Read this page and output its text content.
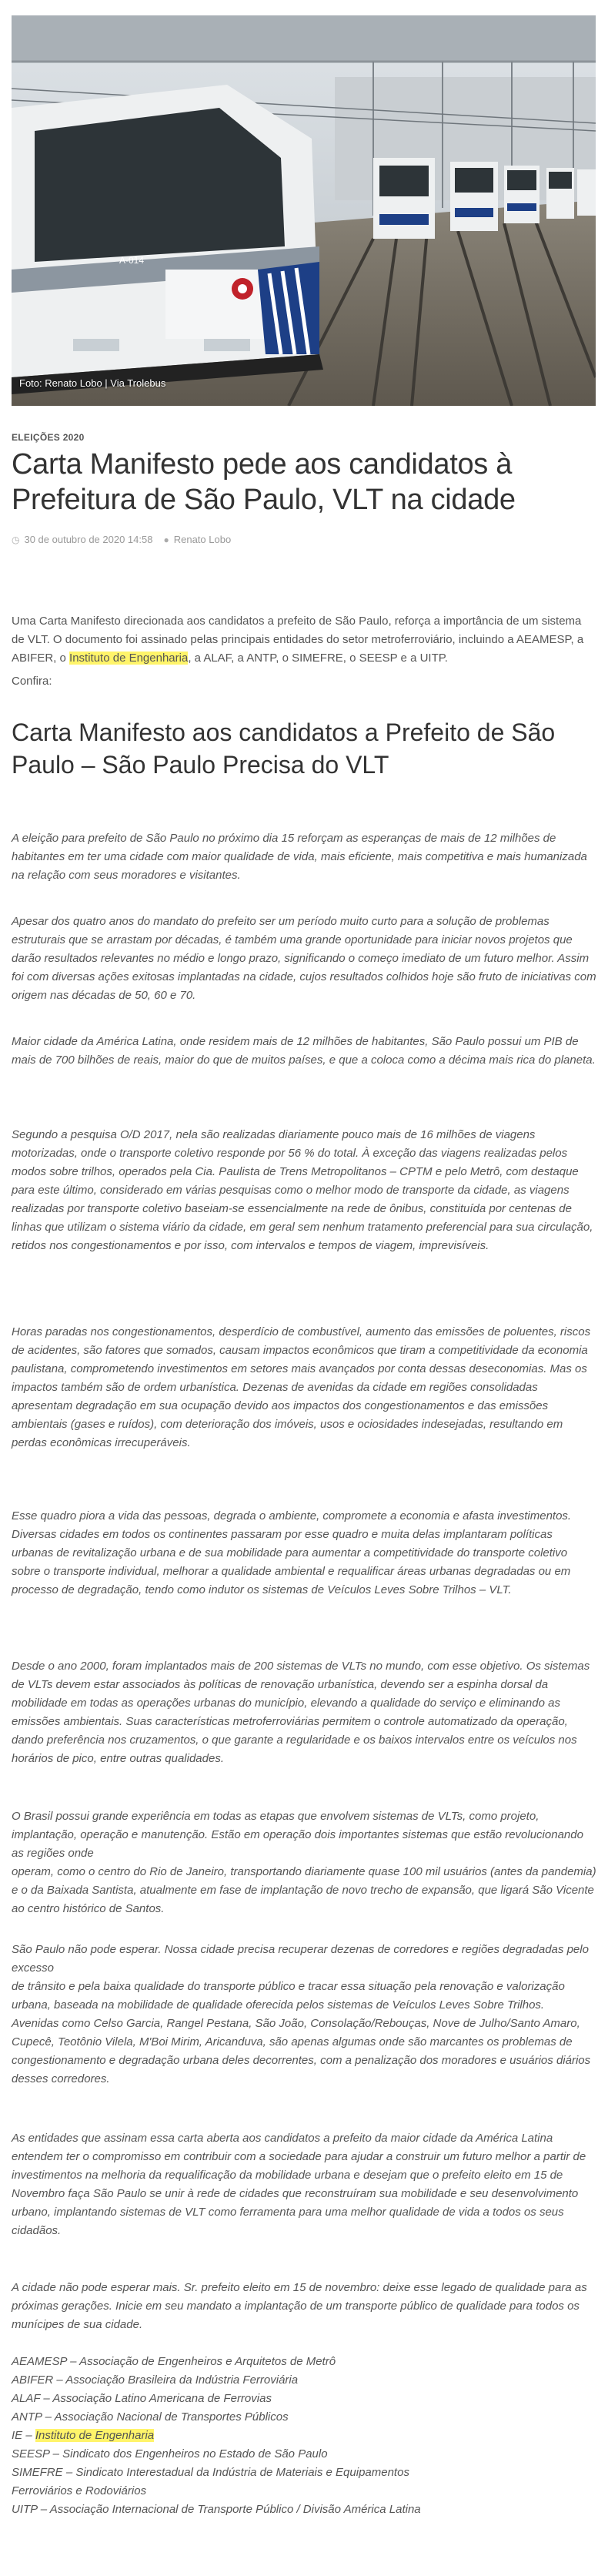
A-014
Foto: Renato Lobo | Via Trolebus
ELEIÇÕES 2020
Carta Manifesto pede aos candidatos à Prefeitura de São Paulo, VLT na cidade
◷ 30 de outubro de 2020 14:58 ● Renato Lobo

Uma Carta Manifesto direcionada aos candidatos a prefeito de São Paulo, reforça a importância de um sistema de VLT. O documento foi assinado pelas principais entidades do setor metroferroviário, incluindo a AEAMESP, a ABIFER, o Instituto de Engenharia, a ALAF, a ANTP, o SIMEFRE, o SEESP e a UITP.

Confira:
Carta Manifesto aos candidatos a Prefeito de São Paulo – São Paulo Precisa do VLT

A eleição para prefeito de São Paulo no próximo dia 15 reforçam as esperanças de mais de 12 milhões de habitantes em ter uma cidade com maior qualidade de vida, mais eficiente, mais competitiva e mais humanizada na relação com seus moradores e visitantes.

Apesar dos quatro anos do mandato do prefeito ser um período muito curto para a solução de problemas estruturais que se arrastam por décadas, é também uma grande oportunidade para iniciar novos projetos que darão resultados relevantes no médio e longo prazo, significando o começo imediato de um futuro melhor. Assim foi com diversas ações exitosas implantadas na cidade, cujos resultados colhidos hoje são fruto de iniciativas com origem nas décadas de 50, 60 e 70.

Maior cidade da América Latina, onde residem mais de 12 milhões de habitantes, São Paulo possui um PIB de mais de 700 bilhões de reais, maior do que de muitos países, e que a coloca como a décima mais rica do planeta.

Segundo a pesquisa O/D 2017, nela são realizadas diariamente pouco mais de 16 milhões de viagens motorizadas, onde o transporte coletivo responde por 56 % do total. À exceção das viagens realizadas pelos modos sobre trilhos, operados pela Cia. Paulista de Trens Metropolitanos – CPTM e pelo Metrô, com destaque para este último, considerado em várias pesquisas como o melhor modo de transporte da cidade, as viagens realizadas por transporte coletivo baseiam-se essencialmente na rede de ônibus, constituída por centenas de linhas que utilizam o sistema viário da cidade, em geral sem nenhum tratamento preferencial para sua circulação, retidos nos congestionamentos e por isso, com intervalos e tempos de viagem, imprevisíveis.

Horas paradas nos congestionamentos, desperdício de combustível, aumento das emissões de poluentes, riscos de acidentes, são fatores que somados, causam impactos econômicos que tiram a competitividade da economia paulistana, comprometendo investimentos em setores mais avançados por conta dessas deseconomias. Mas os impactos também são de ordem urbanística. Dezenas de avenidas da cidade em regiões consolidadas apresentam degradação em sua ocupação devido aos impactos dos congestionamentos e das emissões ambientais (gases e ruídos), com deterioração dos imóveis, usos e ociosidades indesejadas, resultando em perdas econômicas irrecuperáveis.

Esse quadro piora a vida das pessoas, degrada o ambiente, compromete a economia e afasta investimentos. Diversas cidades em todos os continentes passaram por esse quadro e muita delas implantaram políticas urbanas de revitalização urbana e de sua mobilidade para aumentar a competitividade do transporte coletivo sobre o transporte individual, melhorar a qualidade ambiental e requalificar áreas urbanas degradadas ou em processo de degradação, tendo como indutor os sistemas de Veículos Leves Sobre Trilhos – VLT.

Desde o ano 2000, foram implantados mais de 200 sistemas de VLTs no mundo, com esse objetivo. Os sistemas de VLTs devem estar associados às políticas de renovação urbanística, devendo ser a espinha dorsal da mobilidade em todas as operações urbanas do município, elevando a qualidade do serviço e eliminando as emissões ambientais. Suas características metroferroviárias permitem o controle automatizado da operação, dando preferência nos cruzamentos, o que garante a regularidade e os baixos intervalos entre os veículos nos horários de pico, entre outras qualidades.

O Brasil possui grande experiência em todas as etapas que envolvem sistemas de VLTs, como projeto, implantação, operação e manutenção. Estão em operação dois importantes sistemas que estão revolucionando as regiões onde
operam, como o centro do Rio de Janeiro, transportando diariamente quase 100 mil usuários (antes da pandemia) e o da Baixada Santista, atualmente em fase de implantação de novo trecho de expansão, que ligará São Vicente ao centro histórico de Santos.

São Paulo não pode esperar. Nossa cidade precisa recuperar dezenas de corredores e regiões degradadas pelo excesso
de trânsito e pela baixa qualidade do transporte público e tracar essa situação pela renovação e valorização urbana, baseada na mobilidade de qualidade oferecida pelos sistemas de Veículos Leves Sobre Trilhos.
Avenidas como Celso Garcia, Rangel Pestana, São João, Consolação/Rebouças, Nove de Julho/Santo Amaro, Cupecê, Teotônio Vilela, M'Boi Mirim, Aricanduva, são apenas algumas onde são marcantes os problemas de congestionamento e degradação urbana deles decorrentes, com a penalização dos moradores e usuários diários desses corredores.

As entidades que assinam essa carta aberta aos candidatos a prefeito da maior cidade da América Latina entendem ter o compromisso em contribuir com a sociedade para ajudar a construir um futuro melhor a partir de investimentos na melhoria da requalificação da mobilidade urbana e desejam que o prefeito eleito em 15 de Novembro faça São Paulo se unir à rede de cidades que reconstruíram sua mobilidade e seu desenvolvimento urbano, implantando sistemas de VLT como ferramenta para uma melhor qualidade de vida a todos os seus cidadãos.

A cidade não pode esperar mais. Sr. prefeito eleito em 15 de novembro: deixe esse legado de qualidade para as próximas gerações. Inicie em seu mandato a implantação de um transporte público de qualidade para todos os munícipes de sua cidade.

AEAMESP – Associação de Engenheiros e Arquitetos de Metrô
ABIFER – Associação Brasileira da Indústria Ferroviária
ALAF – Associação Latino Americana de Ferrovias
ANTP – Associação Nacional de Transportes Públicos
IE – Instituto de Engenharia
SEESP – Sindicato dos Engenheiros no Estado de São Paulo
SIMEFRE – Sindicato Interestadual da Indústria de Materiais e Equipamentos
Ferroviários e Rodoviários
UITP – Associação Internacional de Transporte Público / Divisão América Latina
